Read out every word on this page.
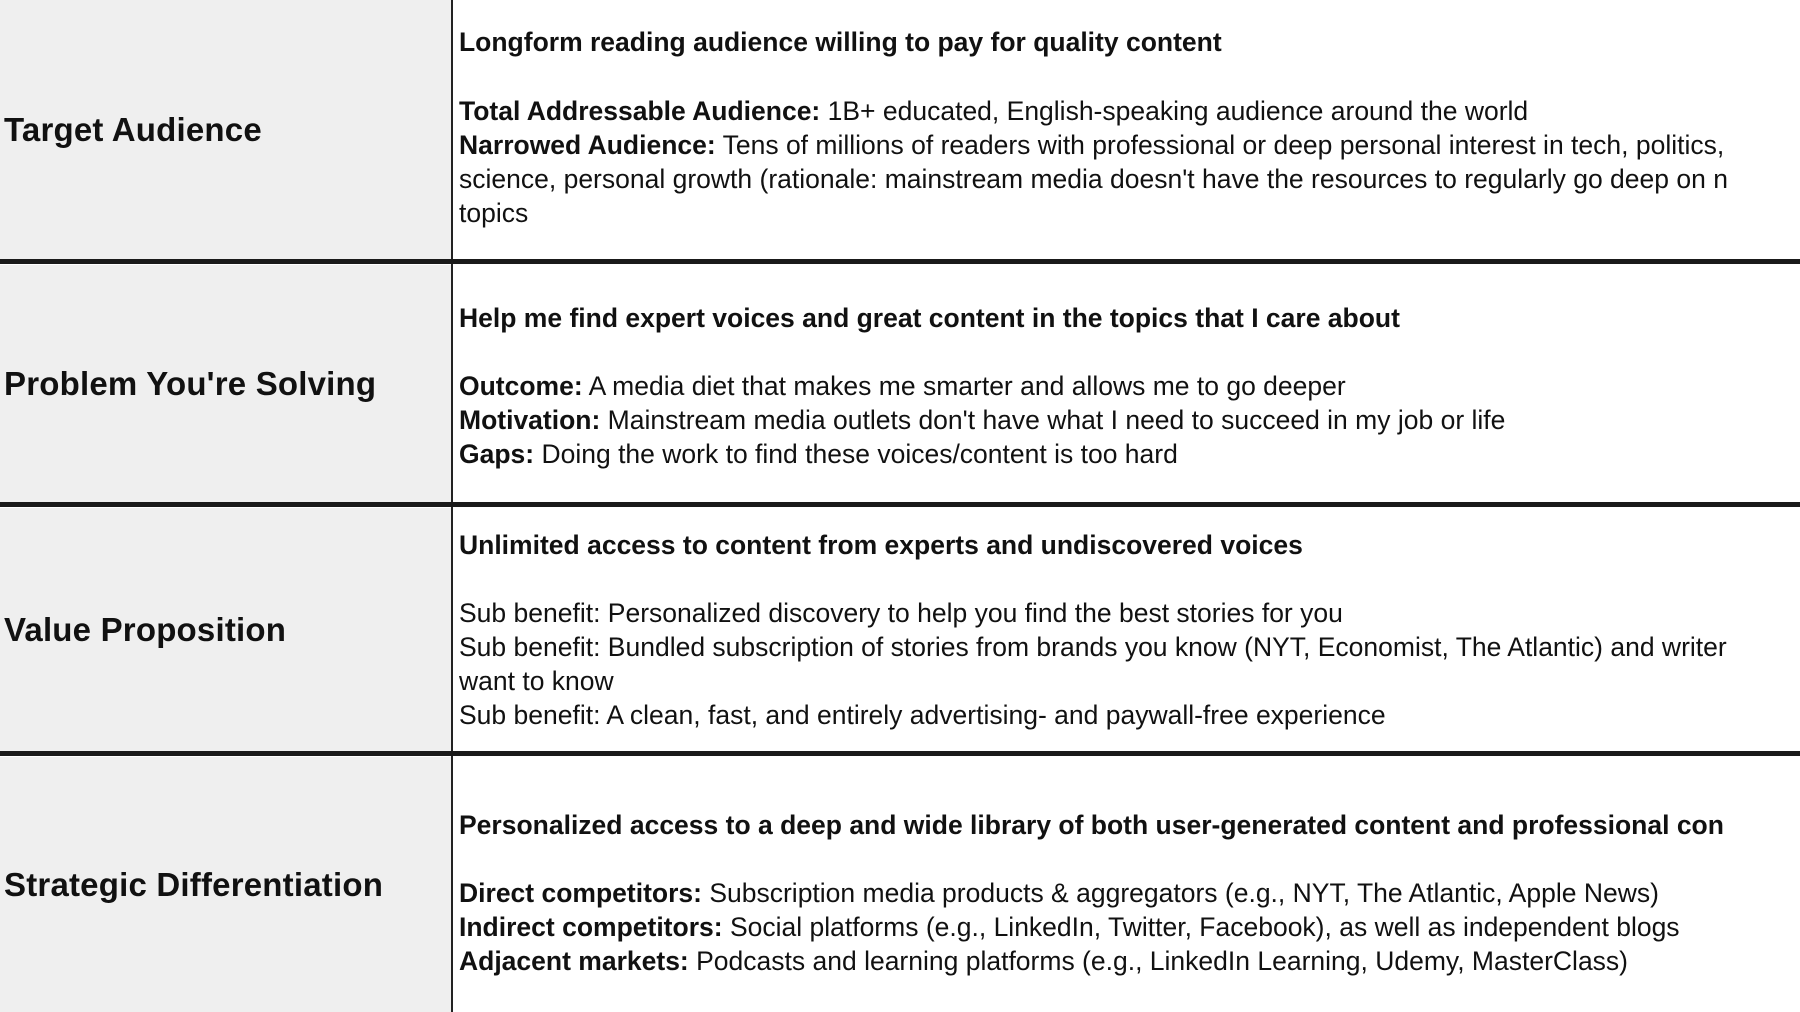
Target Audience
Longform reading audience willing to pay for quality content
Total Addressable Audience: 1B+ educated, English-speaking audience around the world
Narrowed Audience: Tens of millions of readers with professional or deep personal interest in tech, politics,
science, personal growth (rationale: mainstream media doesn't have the resources to regularly go deep on n
topics
Problem You're Solving
Help me find expert voices and great content in the topics that I care about
Outcome: A media diet that makes me smarter and allows me to go deeper
Motivation: Mainstream media outlets don't have what I need to succeed in my job or life
Gaps: Doing the work to find these voices/content is too hard
Value Proposition
Unlimited access to content from experts and undiscovered voices
Sub benefit: Personalized discovery to help you find the best stories for you
Sub benefit: Bundled subscription of stories from brands you know (NYT, Economist, The Atlantic) and writer
want to know
Sub benefit: A clean, fast, and entirely advertising- and paywall-free experience
Strategic Differentiation
Personalized access to a deep and wide library of both user-generated content and professional con
Direct competitors: Subscription media products & aggregators (e.g., NYT, The Atlantic, Apple News)
Indirect competitors: Social platforms (e.g., LinkedIn, Twitter, Facebook), as well as independent blogs
Adjacent markets: Podcasts and learning platforms (e.g., LinkedIn Learning, Udemy, MasterClass)
